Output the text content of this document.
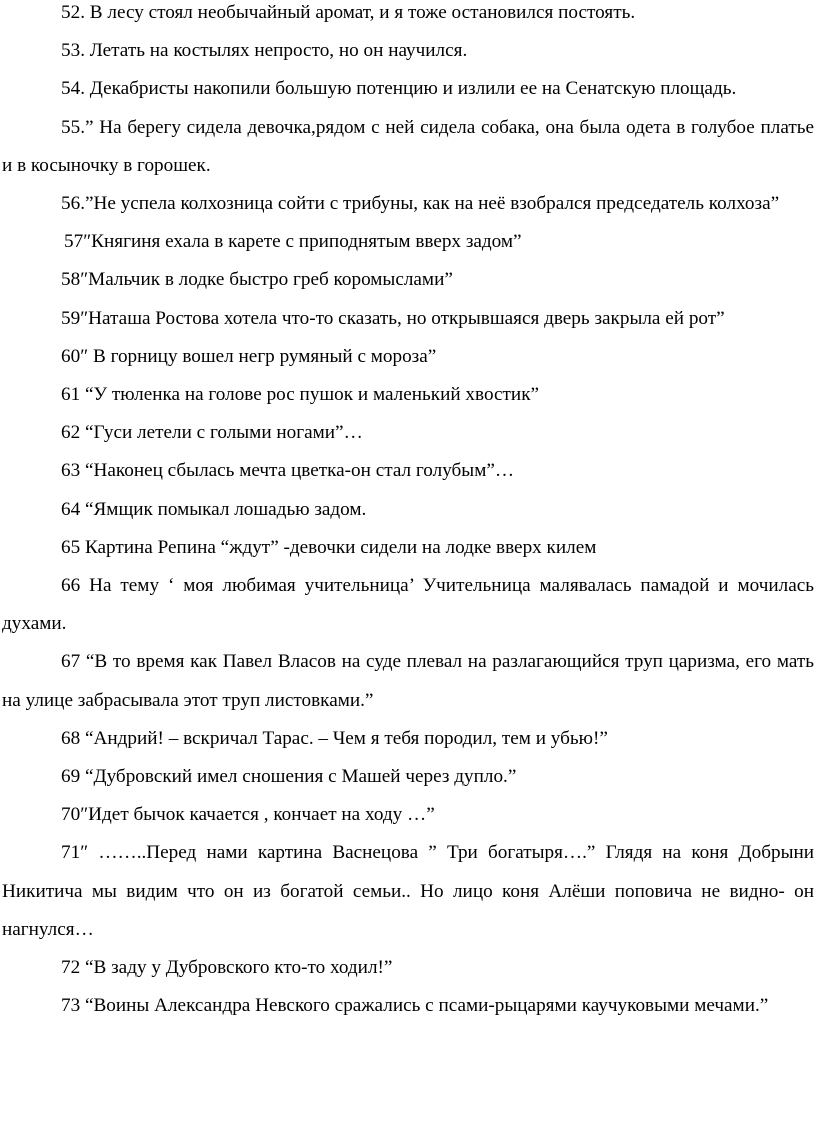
52. В лесу стоял необычайный аромат, и я тоже остановился постоять.

53. Летать на костылях непросто, но он научился.

54. Декабристы накопили большую потенцию и излили ее на Сенатскую площадь.

55.” На берегу сидела девочка,рядом с ней сидела собака, она была одета в голубое платье и в косыночку в горошек.

56.”Не успела колхозница сойти с трибуны, как на неё взобрался председатель колхоза”

57″Княгиня ехала в карете с приподнятым вверх задом”

58″Мальчик в лодке быстро греб коромыслами”

59″Наташа Ростова хотела что-то сказать, но открывшаяся дверь закрыла ей рот”

60″ В горницу вошел негр румяный с мороза”

61 “У тюленка на голове рос пушок и маленький хвостик”

62 “Гуси летели с голыми ногами”…

63 “Наконец сбылась мечта цветка-он стал голубым”…

64 “Ямщик помыкал лошадью задом.

65 Картина Репина “ждут” -девочки сидели на лодке вверх килем

66 На тему ‘ моя любимая учительница’ Учительница малявалась памадой и мочилась духами.

67 “В то время как Павел Власов на суде плевал на разлагающийся труп царизма, его мать на улице забрасывала этот труп листовками.”

68 “Андрий! – вскричал Тарас. – Чем я тебя породил, тем и убью!”

69 “Дубровский имел сношения с Машей через дупло.”

70″Идет бычок качается , кончает на ходу …”

71″ ……..Перед нами картина Васнецова ” Три богатыря….” Глядя на коня Добрыни Никитича мы видим что он из богатой семьи.. Но лицо коня Алёши поповича не видно- он нагнулся…

72 “В заду у Дубровского кто-то ходил!”

73 “Воины Александра Невского сражались с псами-рыцарями каучуковыми мечами.”
